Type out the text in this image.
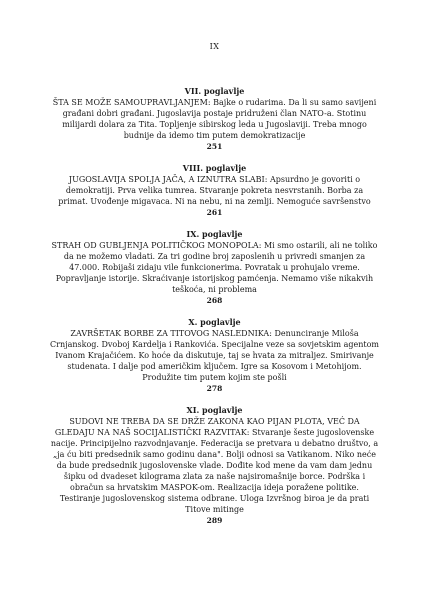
IX
VII. poglavlje
ŠTA SE MOŽE SAMOUPRAVLJANJEM: Bajke o rudarima. Da li su samo savijeni građani dobri građani. Jugoslavija postaje pridruženi član NATO-a. Stotinu milijardi dolara za Tita. Topljenje sibirskog leda u Jugoslaviji. Treba mnogo budnije da idemo tim putem demokratizacije
251
VIII. poglavlje
JUGOSLAVIJA SPOLJA JAČA, A IZNUTRA SLABI: Apsurdno je govoriti o demokratiji. Prva velika tumrea. Stvaranje pokreta nesvrstanih. Borba za primat. Uvođenje migavaca. Ni na nebu, ni na zemlji. Nemoguće savršenstvo
261
IX. poglavlje
STRAH OD GUBLJENJA POLITIČKOG MONOPOLA: Mi smo ostarili, ali ne toliko da ne možemo vladati. Za tri godine broj zaposlenih u privredi smanjen za 47.000. Robijaši zidaju vile funkcionerima. Povratak u prohujalo vreme. Popravljanje istorije. Skraćivanje istorijskog pamćenja. Nemamo više nikakvih teškoća, ni problema
268
X. poglavlje
ZAVRŠETAK BORBE ZA TITOVOG NASLEDNIKA: Denunciranje Miloša Crnjanskog. Dvoboj Kardelja i Rankovića. Specijalne veze sa sovjetskim agentom Ivanom Krajačićem. Ko hoće da diskutuje, taj se hvata za mitraljez. Smirivanje studenata. I dalje pod američkim ključem. Igre sa Kosovom i Metohijom. Produžite tim putem kojim ste pošli
278
XI. poglavlje
SUDOVI NE TREBA DA SE DRŽE ZAKONA KAO PIJAN PLOTA, VEĆ DA GLEDAJU NA NAŠ SOCIJALISTIČKI RAZVITAK: Stvaranje šeste jugoslovenske nacije. Principijelno razvodnjavanje. Federacija se pretvara u debatno društvo, a „ja ću biti predsednik samo godinu dana". Bolji odnosi sa Vatikanom. Niko neće da bude predsednik jugoslovenske vlade. Dođite kod mene da vam dam jednu šipku od dvadeset kilograma zlata za naše najsiromašnije borce. Podrška i obračun sa hrvatskim MASPOK-om. Realizacija ideja poražene politike. Testiranje jugoslovenskog sistema odbrane. Uloga Izvršnog biroa je da prati Titove mitinge
289
